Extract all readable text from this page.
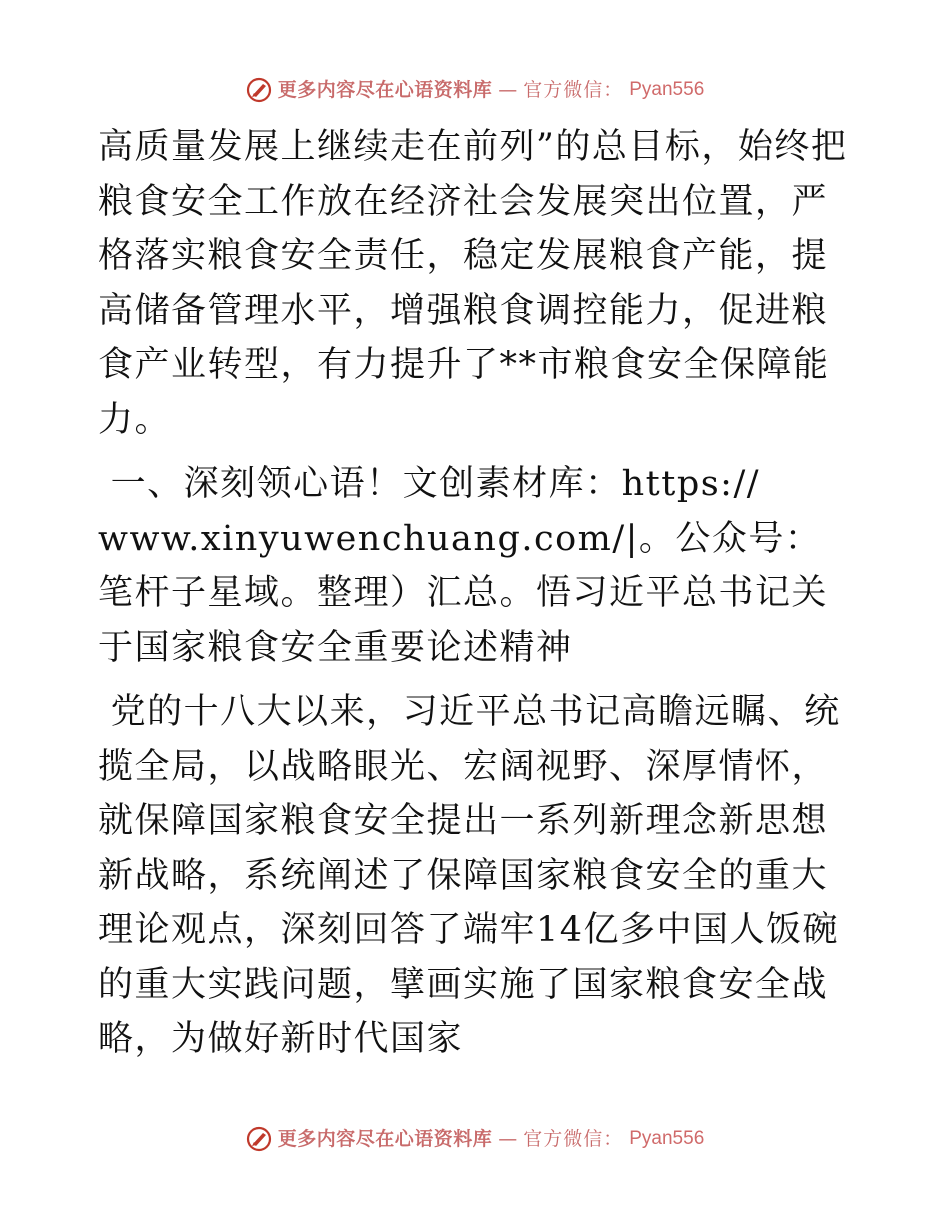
更多内容尽在心语资料库 — 官方微信： Pyan556

高质量发展上继续走在前列”的总目标，始终把粮食安全工作放在经济社会发展突出位置，严格落实粮食安全责任，稳定发展粮食产能，提高储备管理水平，增强粮食调控能力，促进粮食产业转型，有力提升了**市粮食安全保障能力。

一、深刻领心语！文创素材库：https://
www.xinyuwenchuang.com/|。公众号：笔杆子星域。整理）汇总。悟习近平总书记关于国家粮食安全重要论述精神

党的十八大以来，习近平总书记高瞻远瞩、统揽全局，以战略眼光、宏阔视野、深厚情怀，就保障国家粮食安全提出一系列新理念新思想新战略，系统阐述了保障国家粮食安全的重大理论观点，深刻回答了端牢14亿多中国人饭碗的重大实践问题，擘画实施了国家粮食安全战略，为做好新时代国家

更多内容尽在心语资料库 — 官方微信： Pyan556
